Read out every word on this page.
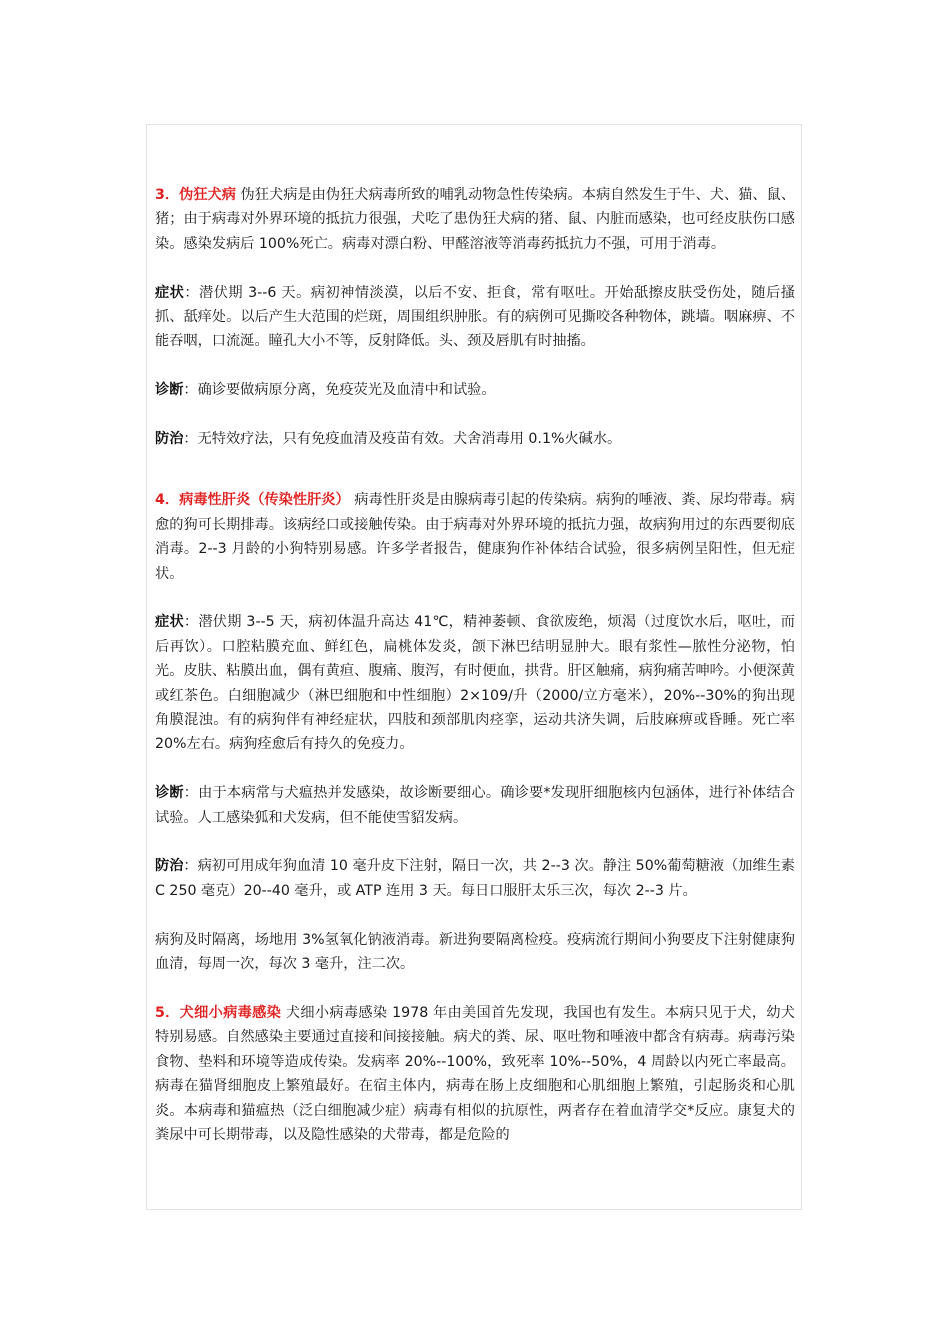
3．伪狂犬病 伪狂犬病是由伪狂犬病毒所致的哺乳动物急性传染病。本病自然发生于牛、犬、猫、鼠、猪；由于病毒对外界环境的抵抗力很强，犬吃了患伪狂犬病的猪、鼠、内脏而感染，也可经皮肤伤口感染。感染发病后 100%死亡。病毒对漂白粉、甲醛溶液等消毒药抵抗力不强，可用于消毒。

症状：潜伏期 3--6 天。病初神情淡漠，以后不安、拒食，常有呕吐。开始舐擦皮肤受伤处，随后搔抓、舐痒处。以后产生大范围的烂斑，周围组织肿胀。有的病例可见撕咬各种物体，跳墙。咽麻痹、不能吞咽，口流涎。瞳孔大小不等，反射降低。头、颈及唇肌有时抽搐。

诊断：确诊要做病原分离，免疫荧光及血清中和试验。

防治：无特效疗法，只有免疫血清及疫苗有效。犬舍消毒用 0.1%火碱水。

4．病毒性肝炎（传染性肝炎） 病毒性肝炎是由腺病毒引起的传染病。病狗的唾液、粪、尿均带毒。病愈的狗可长期排毒。该病经口或接触传染。由于病毒对外界环境的抵抗力强，故病狗用过的东西要彻底消毒。2--3 月龄的小狗特别易感。许多学者报告，健康狗作补体结合试验，很多病例呈阳性，但无症状。

症状：潜伏期 3--5 天，病初体温升高达 41℃，精神萎顿、食欲废绝，烦渴（过度饮水后，呕吐，而后再饮）。口腔粘膜充血、鲜红色，扁桃体发炎，颌下淋巴结明显肿大。眼有浆性—脓性分泌物，怕光。皮肤、粘膜出血，偶有黄疸、腹痛、腹泻，有时便血，拱背。肝区触痛，病狗痛苦呻吟。小便深黄或红茶色。白细胞减少（淋巴细胞和中性细胞）2×109/升（2000/立方毫米），20%--30%的狗出现角膜混浊。有的病狗伴有神经症状，四肢和颈部肌肉痉挛，运动共济失调，后肢麻痹或昏睡。死亡率 20%左右。病狗痊愈后有持久的免疫力。

诊断：由于本病常与犬瘟热并发感染，故诊断要细心。确诊要*发现肝细胞核内包涵体，进行补体结合试验。人工感染狐和犬发病，但不能使雪貂发病。

防治：病初可用成年狗血清 10 毫升皮下注射，隔日一次，共 2--3 次。静注 50%葡萄糖液（加维生素 C 250 毫克）20--40 毫升，或 ATP 连用 3 天。每日口服肝太乐三次，每次 2--3 片。

病狗及时隔离，场地用 3%氢氧化钠液消毒。新进狗要隔离检疫。疫病流行期间小狗要皮下注射健康狗血清，每周一次，每次 3 毫升，注二次。

5．犬细小病毒感染 犬细小病毒感染 1978 年由美国首先发现，我国也有发生。本病只见于犬，幼犬特别易感。自然感染主要通过直接和间接接触。病犬的粪、尿、呕吐物和唾液中都含有病毒。病毒污染食物、垫料和环境等造成传染。发病率 20%--100%，致死率 10%--50%，4 周龄以内死亡率最高。病毒在猫肾细胞皮上繁殖最好。在宿主体内，病毒在肠上皮细胞和心肌细胞上繁殖，引起肠炎和心肌炎。本病毒和猫瘟热（泛白细胞减少症）病毒有相似的抗原性，两者存在着血清学交*反应。康复犬的粪尿中可长期带毒，以及隐性感染的犬带毒，都是危险的
